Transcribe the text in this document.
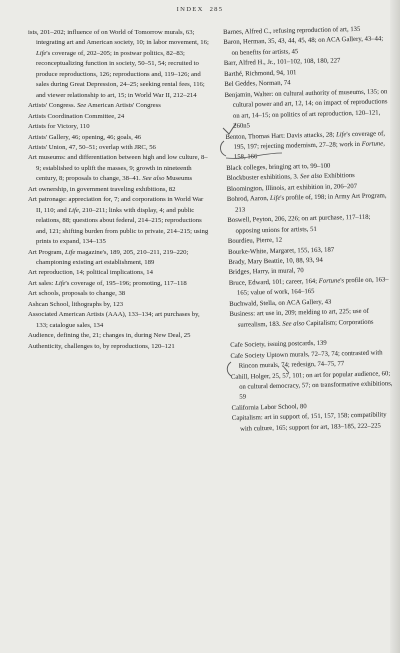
INDEX 285

ists, 201–202; influence of on World of Tomorrow murals, 63; integrating art and American society, 10; in labor movement, 16; Life's coverage of, 202–205; in postwar politics, 82–83; reconceptualizing function in society, 50–51, 54; recruited to produce reproductions, 126; reproductions and, 119–126; and sales during Great Depression, 24–25; seeking rental fees, 116; and viewer relationship to art, 15; in World War II, 212–214

Artists' Congress. See American Artists' Congress

Artists Coordination Committee, 24

Artists for Victory, 110

Artists' Gallery, 46; opening, 46; goals, 46

Artists' Union, 47, 50–51; overlap with JRC, 56

Art museums: and differentiation between high and low culture, 8–9; established to uplift the masses, 9; growth in nineteenth century, 8; proposals to change, 38–41. See also Museums

Art ownership, in government traveling exhibitions, 82

Art patronage: appreciation for, 7; and corporations in World War II, 110; and Life, 210–211; links with display, 4; and public relations, 88; questions about federal, 214–215; reproductions and, 121; shifting burden from public to private, 214–215; using prints to expand, 134–135

Art Program, Life magazine's, 189, 205, 210–211, 219–220; championing existing art establishment, 189

Art reproduction, 14; political implications, 14

Art sales: Life's coverage of, 195–196; promoting, 117–118

Art schools, proposals to change, 38

Ashcan School, lithographs by, 123

Associated American Artists (AAA), 133–134; art purchases by, 133; catalogue sales, 134

Audience, defining the, 21; changes in, during New Deal, 25

Authenticity, challenges to, by reproductions, 120–121

Barnes, Alfred C., refusing reproduction of art, 135

Baron, Herman, 35, 43, 44, 45, 48; on ACA Gallery, 43–44; on benefits for artists, 45

Barr, Alfred H., Jr., 101–102, 108, 180, 227

Barthé, Richmond, 94, 101

Bel Geddes, Norman, 74

Benjamin, Walter: on cultural authority of museums, 135; on cultural power and art, 12, 14; on impact of reproductions on art, 14–15; on politics of art reproduction, 120–121, 260n5

Benton, Thomas Hart: Davis attacks, 28; Life's coverage of, 195, 197; rejecting modernism, 27–28; work in Fortune, 158, 166

Black colleges, bringing art to, 99–100

Blockbuster exhibitions, 3. See also Exhibitions

Bloomington, Illinois, art exhibition in, 206–207

Bohrod, Aaron, Life's profile of, 198; in Army Art Program, 213

Boswell, Peyton, 206, 226; on art purchase, 117–118; opposing unions for artists, 51

Bourdieu, Pierre, 12

Bourke-White, Margaret, 155, 163, 187

Brady, Mary Beattie, 10, 88, 93, 94

Bridges, Harry, in mural, 70

Bruce, Edward, 101; career, 164; Fortune's profile on, 163–165; value of work, 164–165

Buchwald, Stella, on ACA Gallery, 43

Business: art use in, 209; melding to art, 225; use of surrealism, 183. See also Capitalism; Corporations

Cafe Society, issuing postcards, 139

Cafe Society Uptown murals, 72–73, 74; contrasted with Rincon murals, 74; redesign, 74–75, 77

Cahill, Holger, 25, 57, 101; on art for popular audience, 60; on cultural democracy, 57; on transformative exhibitions, 59

California Labor School, 80

Capitalism: art in support of, 151, 157, 158; compatibility with culture, 165; support for art, 183–185, 222–225
